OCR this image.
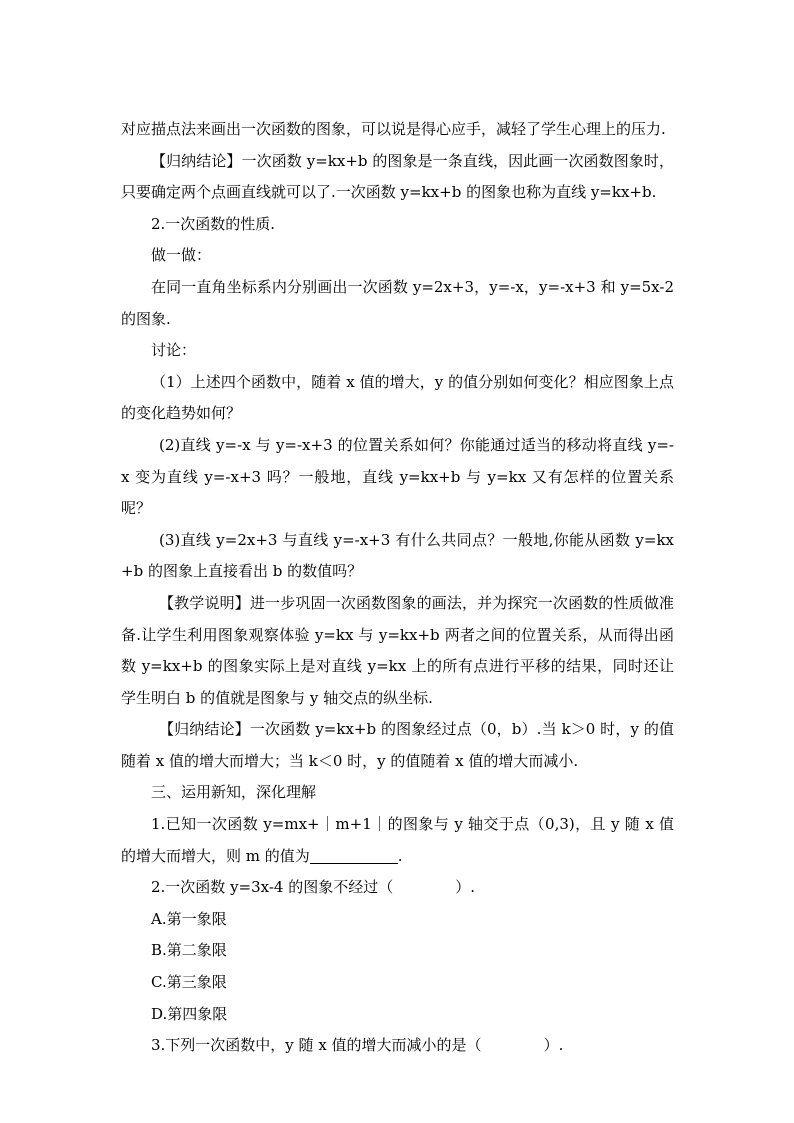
对应描点法来画出一次函数的图象，可以说是得心应手，减轻了学生心理上的压力.

【归纳结论】一次函数 y=kx+b 的图象是一条直线，因此画一次函数图象时，只要确定两个点画直线就可以了.一次函数 y=kx+b 的图象也称为直线 y=kx+b.

2.一次函数的性质.

做一做：

在同一直角坐标系内分别画出一次函数 y=2x+3，y=-x，y=-x+3 和 y=5x-2 的图象.

讨论：

（1）上述四个函数中，随着 x 值的增大，y 的值分别如何变化？相应图象上点的变化趋势如何？

(2)直线 y=-x 与 y=-x+3 的位置关系如何？你能通过适当的移动将直线 y=-x 变为直线 y=-x+3 吗？一般地，直线 y=kx+b 与 y=kx 又有怎样的位置关系呢？

(3)直线 y=2x+3 与直线 y=-x+3 有什么共同点？一般地,你能从函数 y=kx+b 的图象上直接看出 b 的数值吗？

【教学说明】进一步巩固一次函数图象的画法，并为探究一次函数的性质做准备.让学生利用图象观察体验 y=kx 与 y=kx+b 两者之间的位置关系，从而得出函数 y=kx+b 的图象实际上是对直线 y=kx 上的所有点进行平移的结果，同时还让学生明白 b 的值就是图象与 y 轴交点的纵坐标.

【归纳结论】一次函数 y=kx+b 的图象经过点（0，b）.当 k＞0 时，y 的值随着 x 值的增大而增大；当 k＜0 时，y 的值随着 x 值的增大而减小.

三、运用新知，深化理解

1.已知一次函数 y=mx+｜m+1｜的图象与 y 轴交于点（0,3)，且 y 随 x 值的增大而增大，则 m 的值为	.

2.一次函数 y=3x-4 的图象不经过（	）.

A.第一象限

B.第二象限

C.第三象限

D.第四象限

3.下列一次函数中，y 随 x 值的增大而减小的是（	）.
